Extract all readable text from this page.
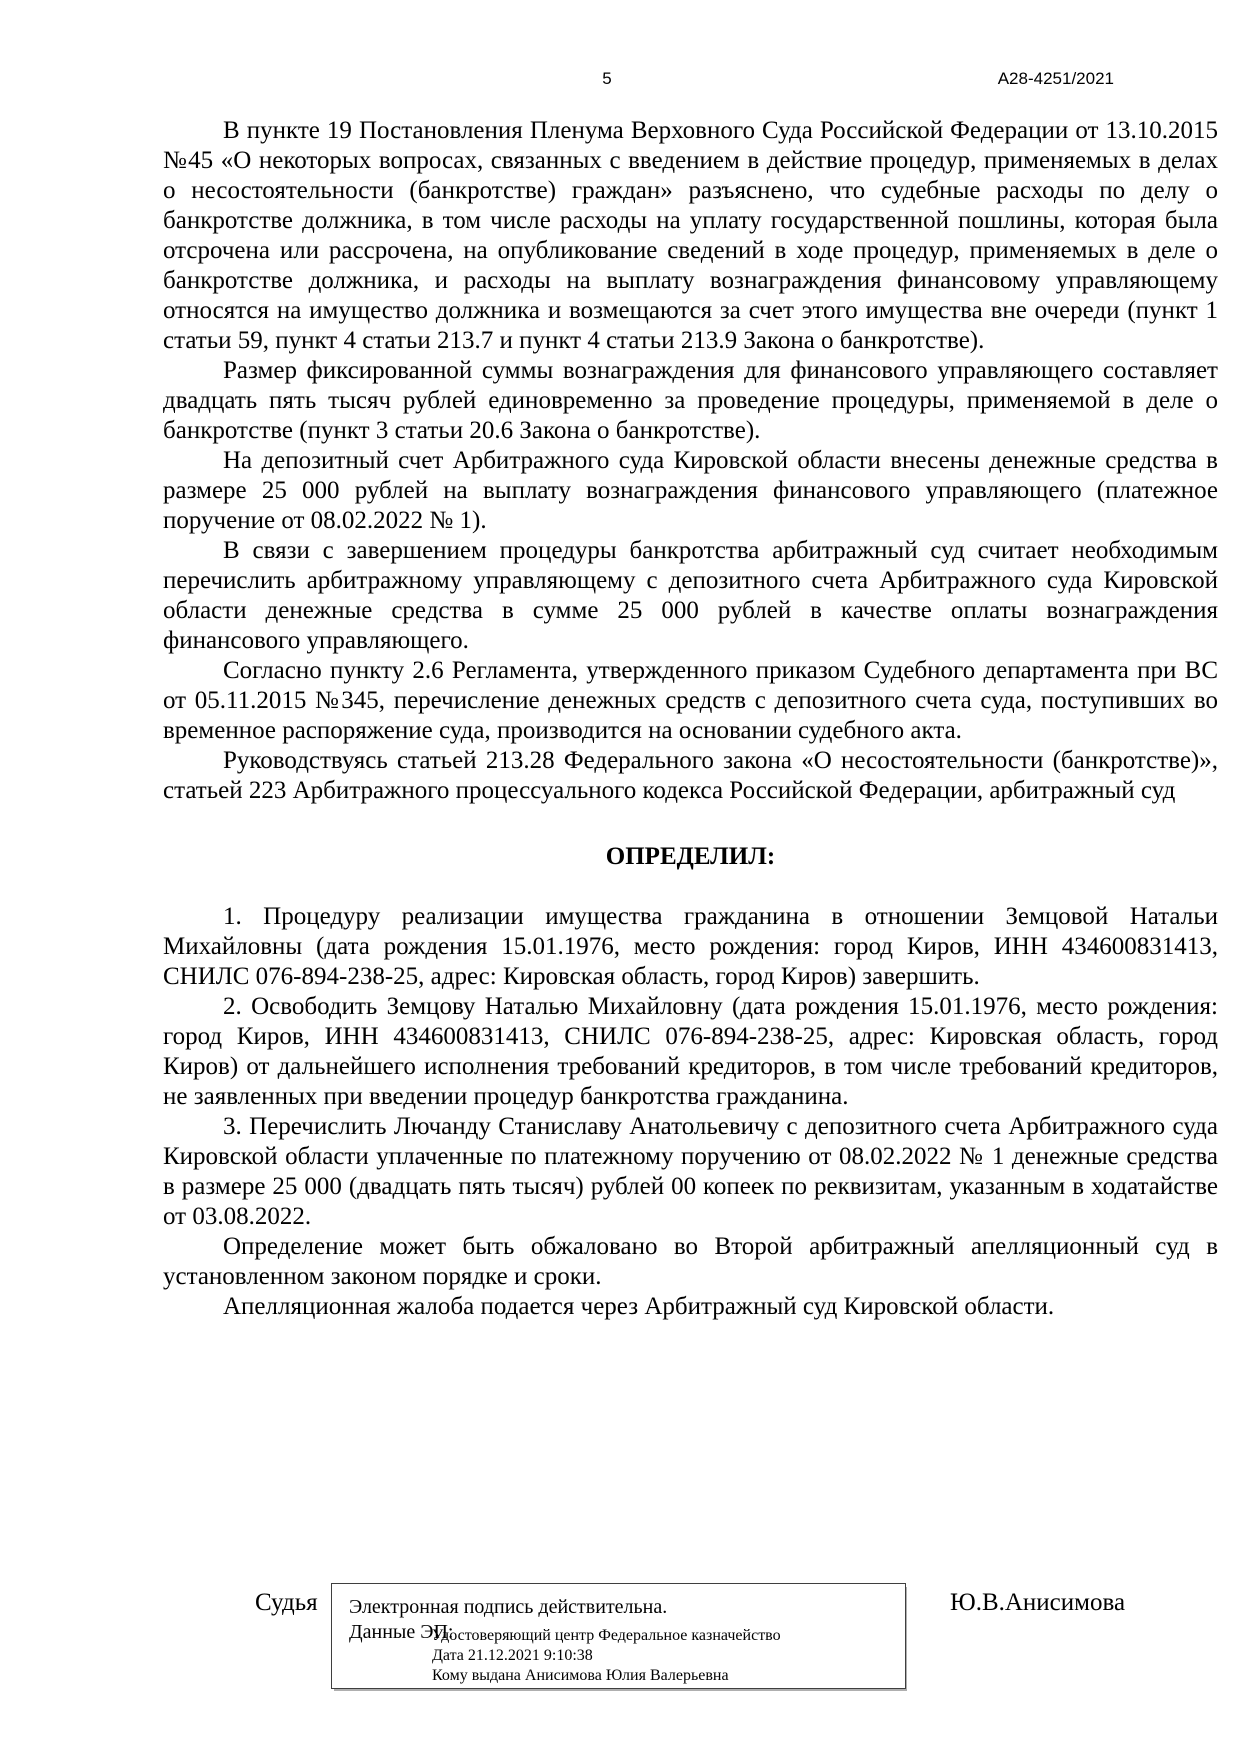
5	А28-4251/2021

В пункте 19 Постановления Пленума Верховного Суда Российской Федерации от 13.10.2015 №45 «О некоторых вопросах, связанных с введением в действие процедур, применяемых в делах о несостоятельности (банкротстве) граждан» разъяснено, что судебные расходы по делу о банкротстве должника, в том числе расходы на уплату государственной пошлины, которая была отсрочена или рассрочена, на опубликование сведений в ходе процедур, применяемых в деле о банкротстве должника, и расходы на выплату вознаграждения финансовому управляющему относятся на имущество должника и возмещаются за счет этого имущества вне очереди (пункт 1 статьи 59, пункт 4 статьи 213.7 и пункт 4 статьи 213.9 Закона о банкротстве).

Размер фиксированной суммы вознаграждения для финансового управляющего составляет двадцать пять тысяч рублей единовременно за проведение процедуры, применяемой в деле о банкротстве (пункт 3 статьи 20.6 Закона о банкротстве).

На депозитный счет Арбитражного суда Кировской области внесены денежные средства в размере 25 000 рублей на выплату вознаграждения финансового управляющего (платежное поручение от 08.02.2022 № 1).

В связи с завершением процедуры банкротства арбитражный суд считает необходимым перечислить арбитражному управляющему с депозитного счета Арбитражного суда Кировской области денежные средства в сумме 25 000 рублей в качестве оплаты вознаграждения финансового управляющего.

Согласно пункту 2.6 Регламента, утвержденного приказом Судебного департамента при ВС от 05.11.2015 №345, перечисление денежных средств с депозитного счета суда, поступивших во временное распоряжение суда, производится на основании судебного акта.

Руководствуясь статьей 213.28 Федерального закона «О несостоятельности (банкротстве)», статьей 223 Арбитражного процессуального кодекса Российской Федерации, арбитражный суд

ОПРЕДЕЛИЛ:

1. Процедуру реализации имущества гражданина в отношении Земцовой Натальи Михайловны (дата рождения 15.01.1976, место рождения: город Киров, ИНН 434600831413, СНИЛС 076-894-238-25, адрес: Кировская область, город Киров) завершить.

2. Освободить Земцову Наталью Михайловну (дата рождения 15.01.1976, место рождения: город Киров, ИНН 434600831413, СНИЛС 076-894-238-25, адрес: Кировская область, город Киров) от дальнейшего исполнения требований кредиторов, в том числе требований кредиторов, не заявленных при введении процедур банкротства гражданина.

3. Перечислить Лючанду Станиславу Анатольевичу с депозитного счета Арбитражного суда Кировской области уплаченные по платежному поручению от 08.02.2022 № 1 денежные средства в размере 25 000 (двадцать пять тысяч) рублей 00 копеек по реквизитам, указанным в ходатайстве от 03.08.2022.

Определение может быть обжаловано во Второй арбитражный апелляционный суд в установленном законом порядке и сроки.

Апелляционная жалоба подается через Арбитражный суд Кировской области.

Судья Электронная подпись действительна.
Данные ЭП:
Удостоверяющий центр Федеральное казначейство
Дата 21.12.2021 9:10:38
Кому выдана Анисимова Юлия Валерьевна
Ю.В.Анисимова
